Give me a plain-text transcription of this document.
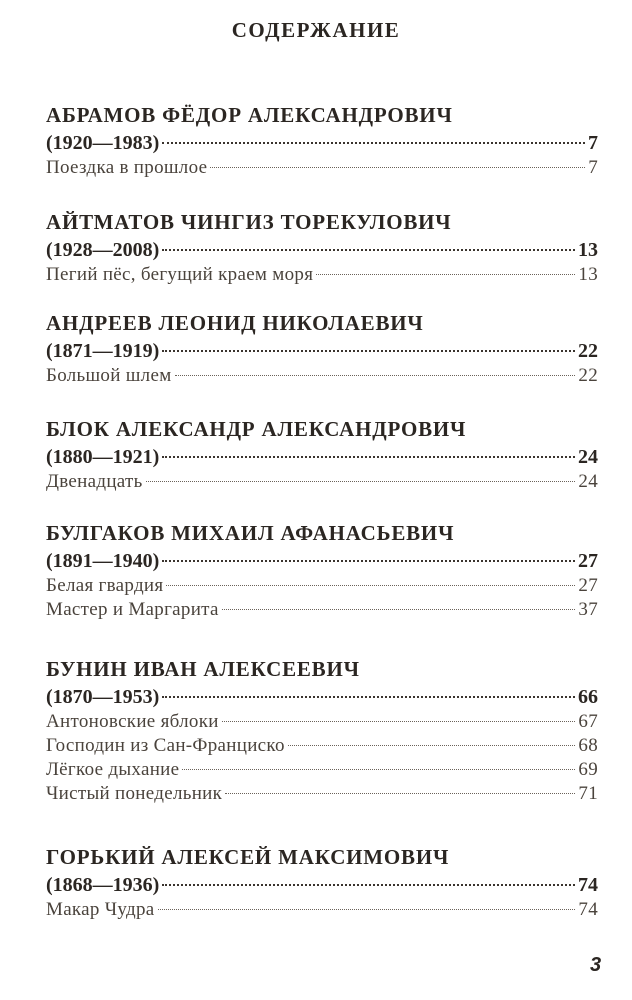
СОДЕРЖАНИЕ
АБРАМОВ ФЁДОР АЛЕКСАНДРОВИЧ
(1920—1983)	7
Поездка в прошлое	7
АЙТМАТОВ ЧИНГИЗ ТОРЕКУЛОВИЧ
(1928—2008)	13
Пегий пёс, бегущий краем моря	13
АНДРЕЕВ ЛЕОНИД НИКОЛАЕВИЧ
(1871—1919)	22
Большой шлем	22
БЛОК АЛЕКСАНДР АЛЕКСАНДРОВИЧ
(1880—1921)	24
Двенадцать	24
БУЛГАКОВ МИХАИЛ АФАНАСЬЕВИЧ
(1891—1940)	27
Белая гвардия	27
Мастер и Маргарита	37
БУНИН ИВАН АЛЕКСЕЕВИЧ
(1870—1953)	66
Антоновские яблоки	67
Господин из Сан-Франциско	68
Лёгкое дыхание	69
Чистый понедельник	71
ГОРЬКИЙ АЛЕКСЕЙ МАКСИМОВИЧ
(1868—1936)	74
Макар Чудра	74
3
